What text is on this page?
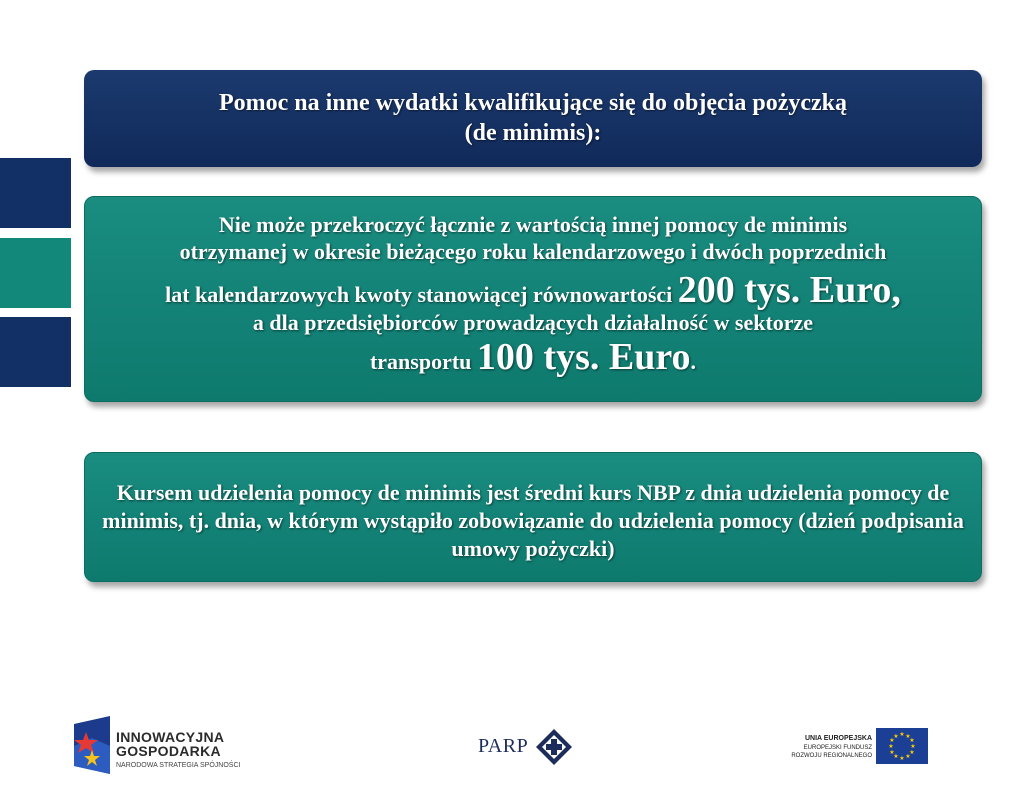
Pomoc na inne wydatki kwalifikujące się do objęcia pożyczką
(de minimis):
Nie może przekroczyć łącznie z wartością innej pomocy de minimis
otrzymanej w okresie bieżącego roku kalendarzowego i dwóch poprzednich
lat kalendarzowych kwoty stanowiącej równowartości 200 tys. Euro,
a dla przedsiębiorców prowadzących działalność w sektorze
transportu 100 tys. Euro.
Kursem udzielenia pomocy de minimis jest średni kurs NBP z dnia udzielenia pomocy de minimis, tj. dnia, w którym wystąpiło zobowiązanie do udzielenia pomocy (dzień podpisania umowy pożyczki)
INNOWACYJNA
GOSPODARKA
NARODOWA STRATEGIA SPÓJNOŚCI
PARP	UNIA EUROPEJSKA
EUROPEJSKI FUNDUSZ
ROZWOJU REGIONALNEGO
★ ★
★
★
★
★
★
★
★
★
★
★
